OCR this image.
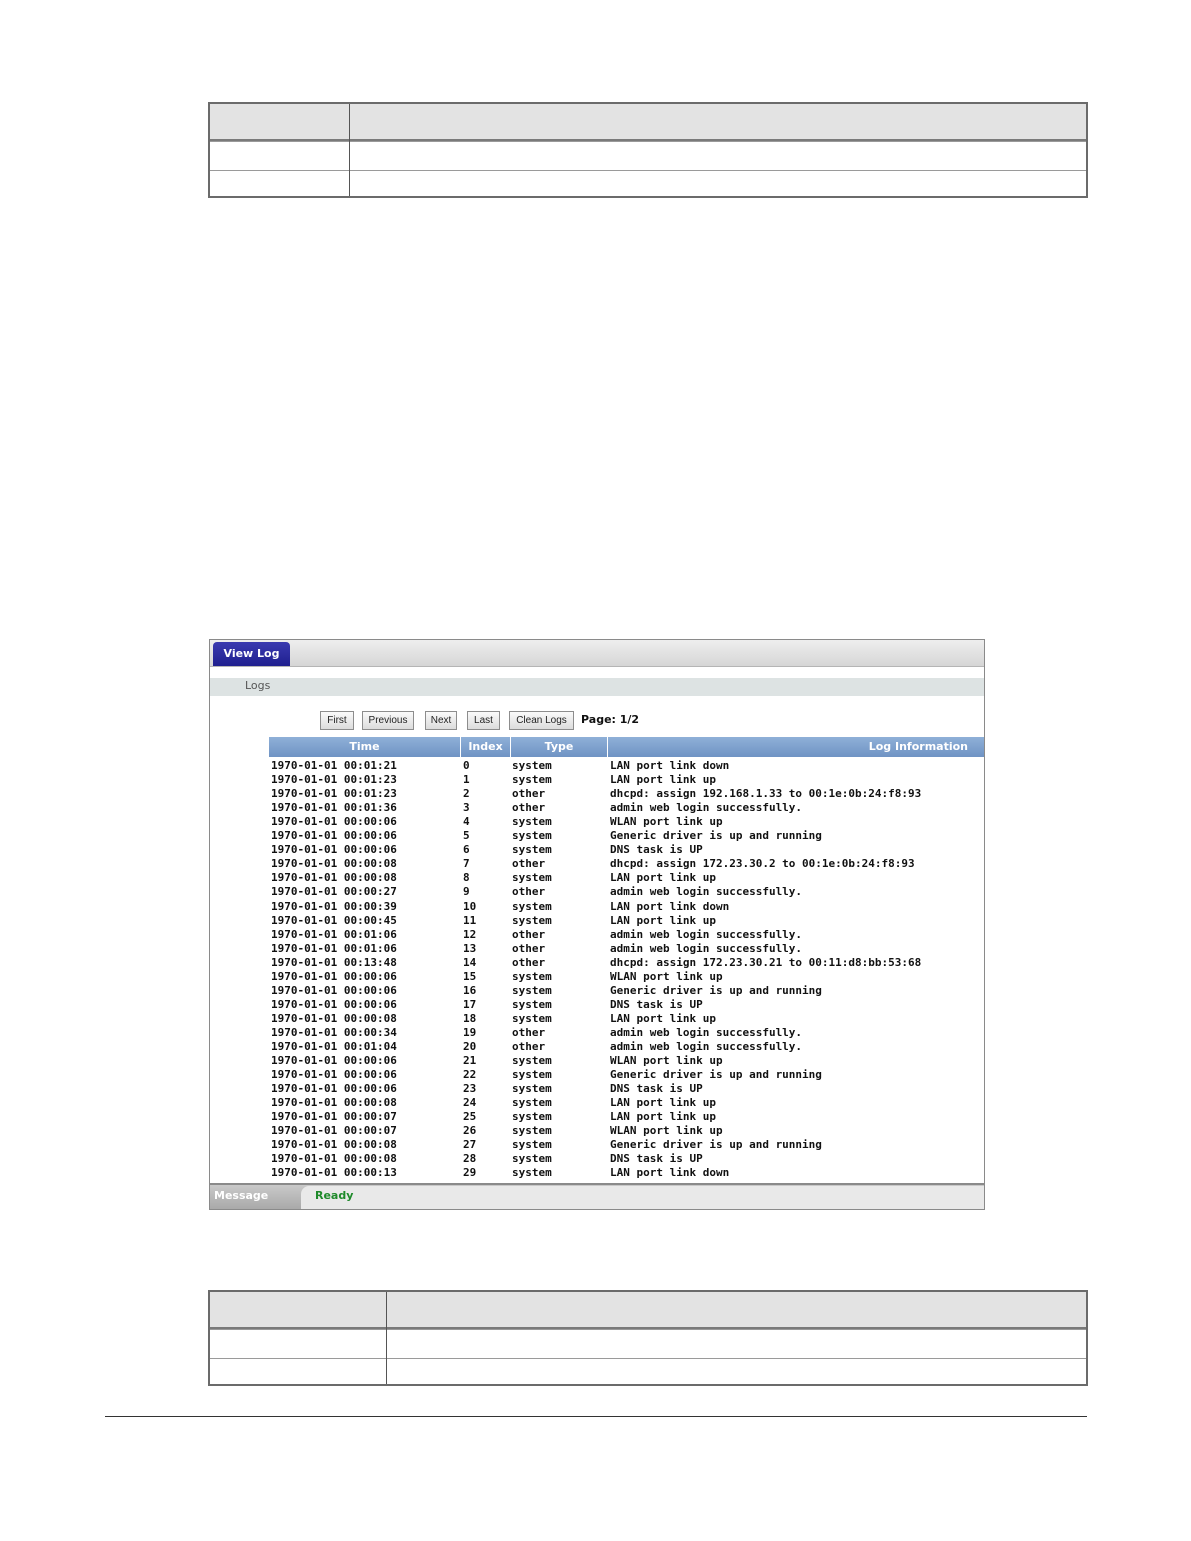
View Log
Logs
First	Previous	Next	Last	Clean Logs	Page: 1/2
Time	Index	Type	Log Information
1970-01-01 00:01:21	0	system	LAN port link down
1970-01-01 00:01:23	1	system	LAN port link up
1970-01-01 00:01:23	2	other	dhcpd: assign 192.168.1.33 to 00:1e:0b:24:f8:93
1970-01-01 00:01:36	3	other	admin web login successfully.
1970-01-01 00:00:06	4	system	WLAN port link up
1970-01-01 00:00:06	5	system	Generic driver is up and running
1970-01-01 00:00:06	6	system	DNS task is UP
1970-01-01 00:00:08	7	other	dhcpd: assign 172.23.30.2 to 00:1e:0b:24:f8:93
1970-01-01 00:00:08	8	system	LAN port link up
1970-01-01 00:00:27	9	other	admin web login successfully.
1970-01-01 00:00:39	10	system	LAN port link down
1970-01-01 00:00:45	11	system	LAN port link up
1970-01-01 00:01:06	12	other	admin web login successfully.
1970-01-01 00:01:06	13	other	admin web login successfully.
1970-01-01 00:13:48	14	other	dhcpd: assign 172.23.30.21 to 00:11:d8:bb:53:68
1970-01-01 00:00:06	15	system	WLAN port link up
1970-01-01 00:00:06	16	system	Generic driver is up and running
1970-01-01 00:00:06	17	system	DNS task is UP
1970-01-01 00:00:08	18	system	LAN port link up
1970-01-01 00:00:34	19	other	admin web login successfully.
1970-01-01 00:01:04	20	other	admin web login successfully.
1970-01-01 00:00:06	21	system	WLAN port link up
1970-01-01 00:00:06	22	system	Generic driver is up and running
1970-01-01 00:00:06	23	system	DNS task is UP
1970-01-01 00:00:08	24	system	LAN port link up
1970-01-01 00:00:07	25	system	LAN port link up
1970-01-01 00:00:07	26	system	WLAN port link up
1970-01-01 00:00:08	27	system	Generic driver is up and running
1970-01-01 00:00:08	28	system	DNS task is UP
1970-01-01 00:00:13	29	system	LAN port link down
Message	Ready
